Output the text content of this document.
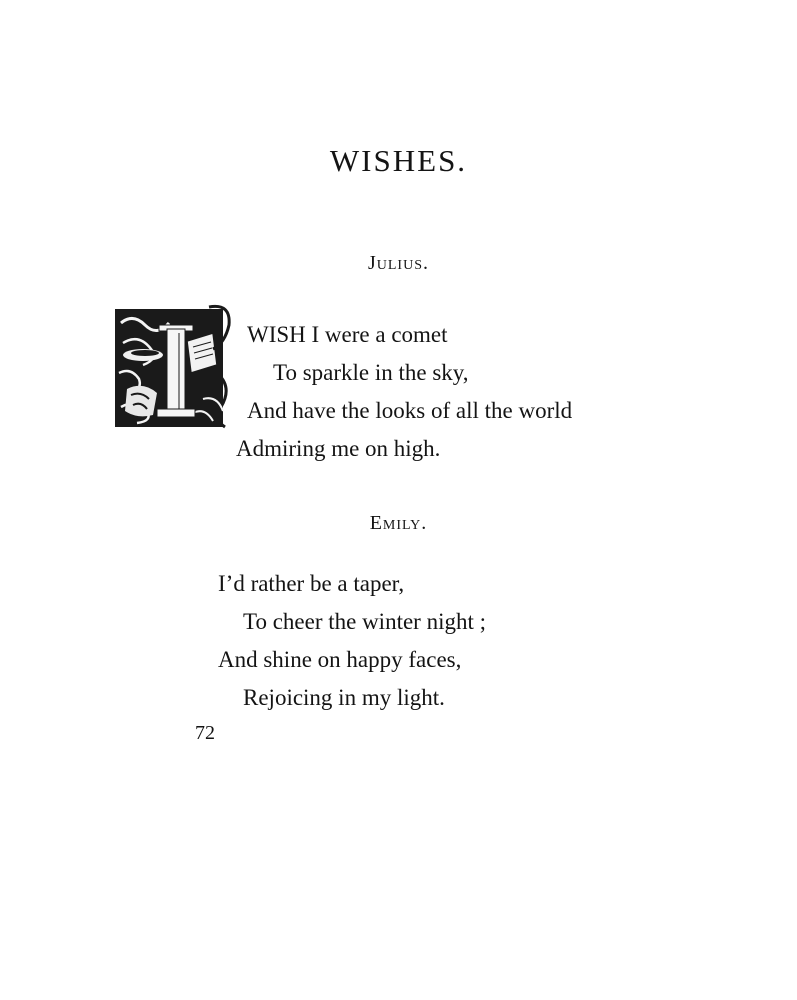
WISHES.

Julius.

WISH I were a comet

To sparkle in the sky,

And have the looks of all the world

Admiring me on high.

Emily.

I’d rather be a taper,

To cheer the winter night ;

And shine on happy faces,

Rejoicing in my light.

72
